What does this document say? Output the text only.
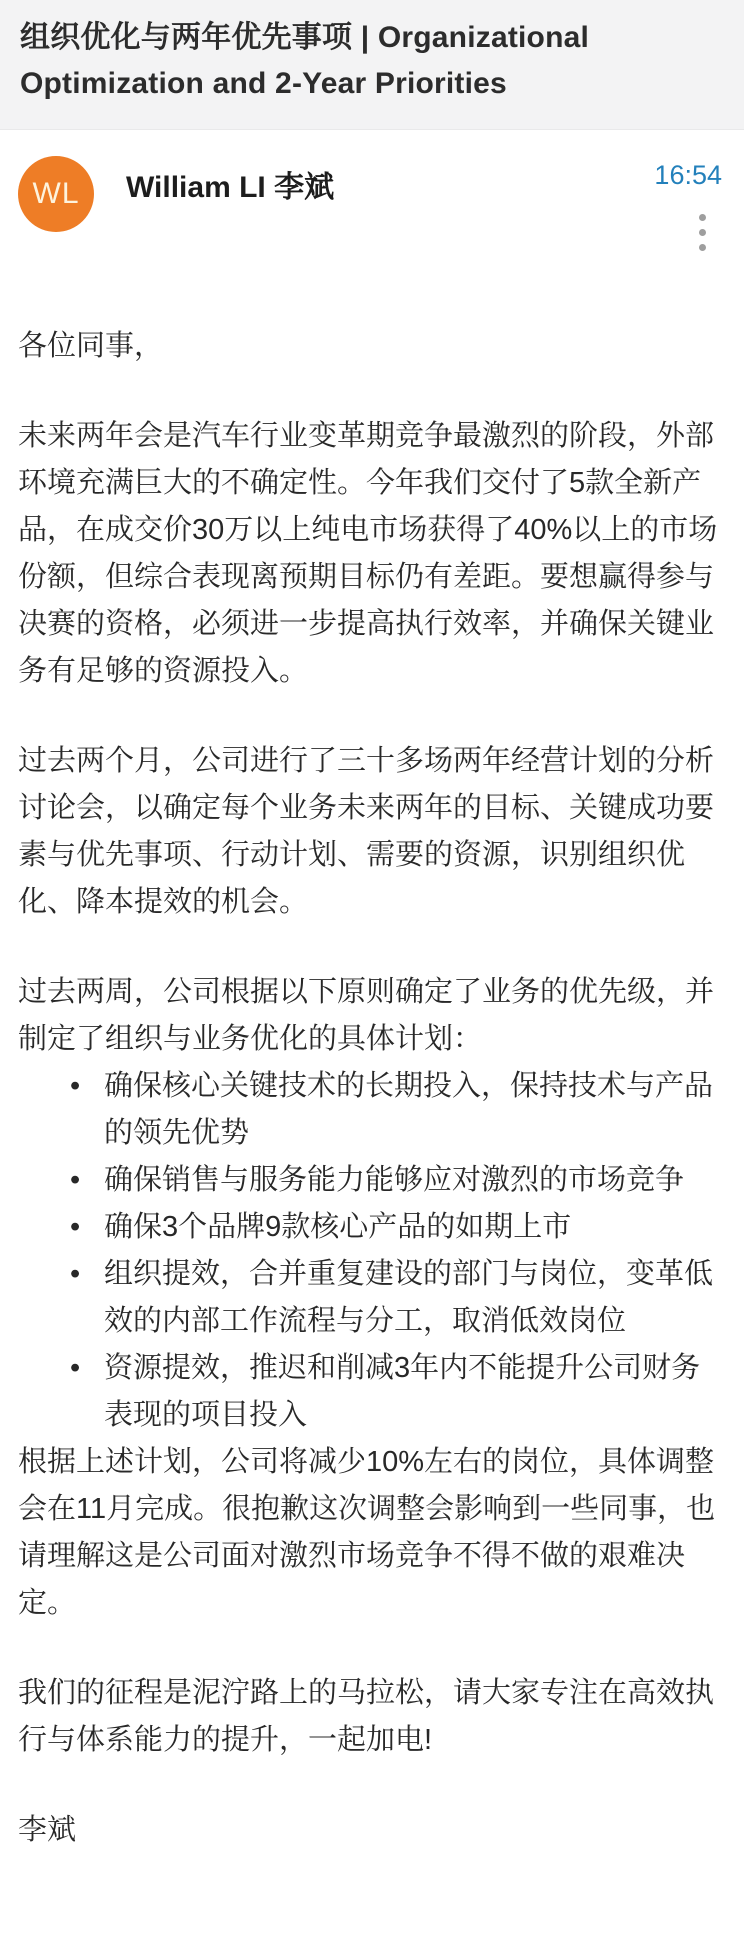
组织优化与两年优先事项 | Organizational Optimization and 2-Year Priorities
WL William LI 李斌	16:54

各位同事，

未来两年会是汽车行业变革期竞争最激烈的阶段，外部环境充满巨大的不确定性。今年我们交付了5款全新产品，在成交价30万以上纯电市场获得了40%以上的市场份额，但综合表现离预期目标仍有差距。要想赢得参与决赛的资格，必须进一步提高执行效率，并确保关键业务有足够的资源投入。

过去两个月，公司进行了三十多场两年经营计划的分析讨论会，以确定每个业务未来两年的目标、关键成功要素与优先事项、行动计划、需要的资源，识别组织优化、降本提效的机会。

过去两周，公司根据以下原则确定了业务的优先级，并制定了组织与业务优化的具体计划：

• 确保核心关键技术的长期投入，保持技术与产品的领先优势
• 确保销售与服务能力能够应对激烈的市场竞争
• 确保3个品牌9款核心产品的如期上市
• 组织提效，合并重复建设的部门与岗位，变革低效的内部工作流程与分工，取消低效岗位
• 资源提效，推迟和削减3年内不能提升公司财务表现的项目投入

根据上述计划，公司将减少10%左右的岗位，具体调整会在11月完成。很抱歉这次调整会影响到一些同事，也请理解这是公司面对激烈市场竞争不得不做的艰难决定。

我们的征程是泥泞路上的马拉松，请大家专注在高效执行与体系能力的提升，一起加电!

李斌
